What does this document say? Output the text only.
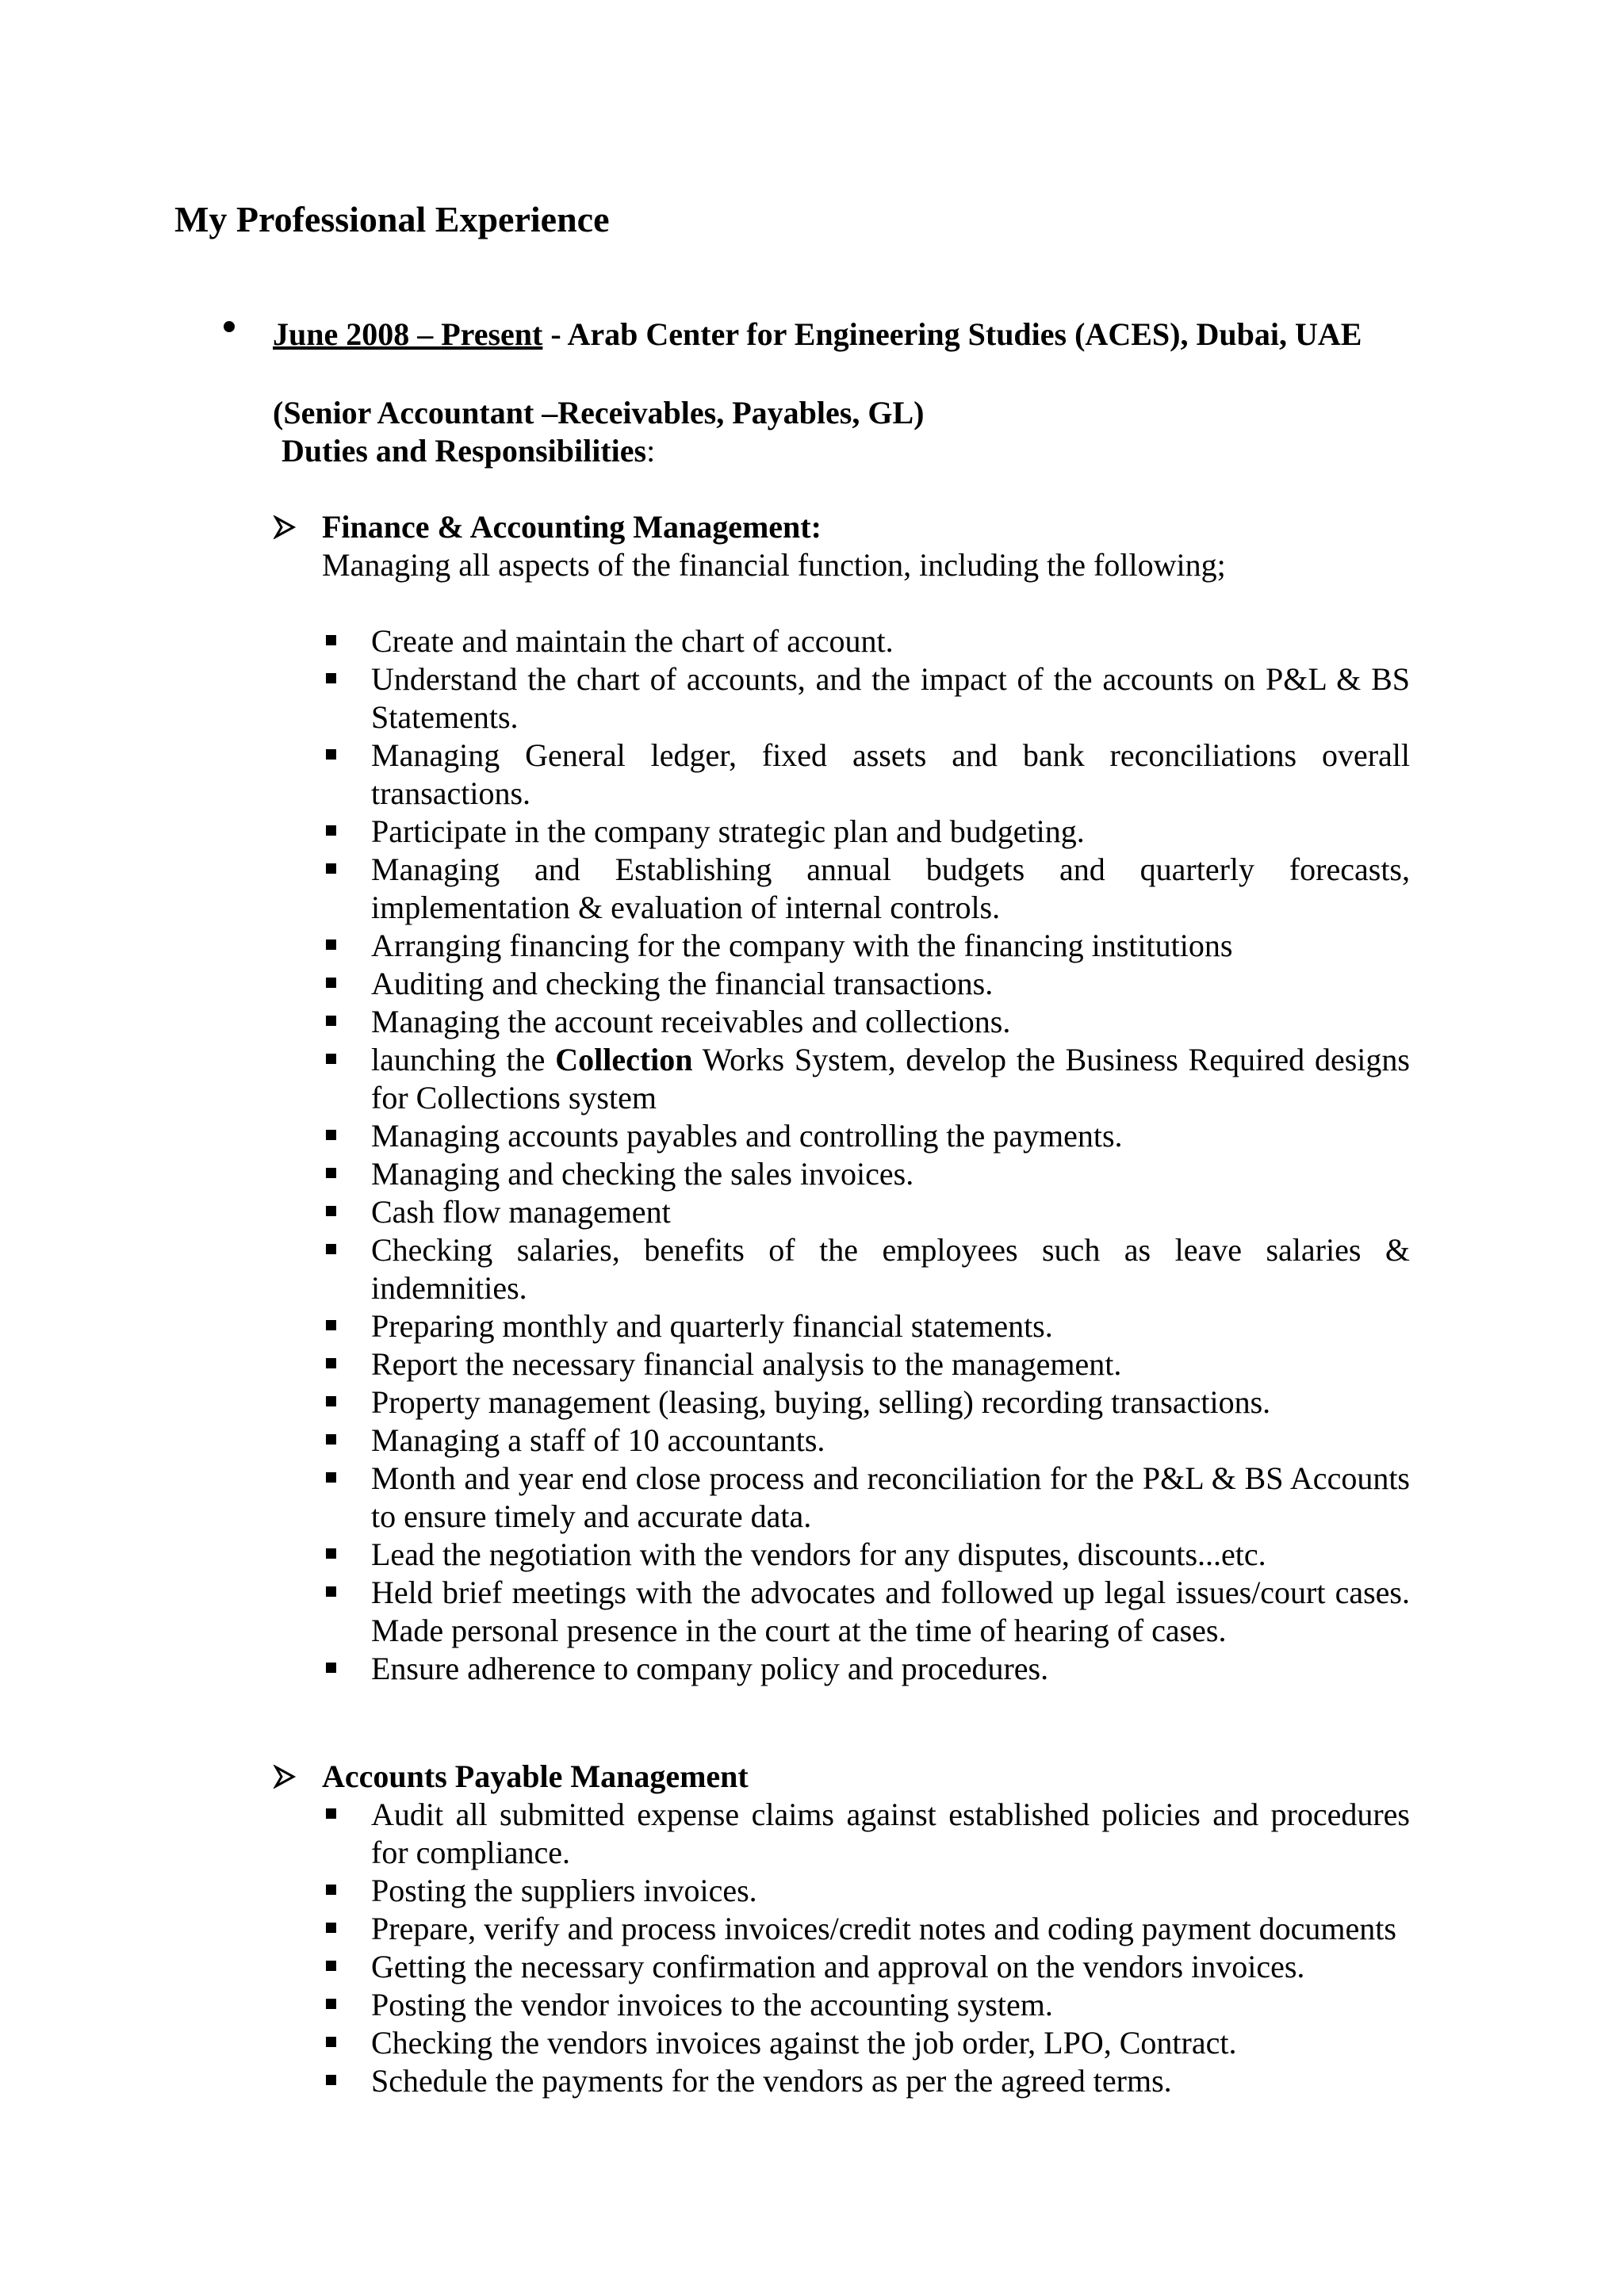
My Professional Experience
June 2008 – Present - Arab Center for Engineering Studies (ACES), Dubai, UAE
(Senior Accountant –Receivables, Payables, GL)
Duties and Responsibilities:
Finance & Accounting Management:
Managing all aspects of the financial function, including the following;
Create and maintain the chart of account.
Understand the chart of accounts, and the impact of the accounts on P&L & BS Statements.
Managing General ledger, fixed assets and bank reconciliations overall transactions.
Participate in the company strategic plan and budgeting.
Managing and Establishing annual budgets and quarterly forecasts, implementation & evaluation of internal controls.
Arranging financing for the company with the financing institutions
Auditing and checking the financial transactions.
Managing the account receivables and collections.
launching the Collection Works System, develop the Business Required designs for Collections system
Managing accounts payables and controlling the payments.
Managing and checking the sales invoices.
Cash flow management
Checking salaries, benefits of the employees such as leave salaries & indemnities.
Preparing monthly and quarterly financial statements.
Report the necessary financial analysis to the management.
Property management (leasing, buying, selling) recording transactions.
Managing a staff of 10 accountants.
Month and year end close process and reconciliation for the P&L & BS Accounts to ensure timely and accurate data.
Lead the negotiation with the vendors for any disputes, discounts...etc.
Held brief meetings with the advocates and followed up legal issues/court cases. Made personal presence in the court at the time of hearing of cases.
Ensure adherence to company policy and procedures.
Accounts Payable Management
Audit all submitted expense claims against established policies and procedures for compliance.
Posting the suppliers invoices.
Prepare, verify and process invoices/credit notes and coding payment documents
Getting the necessary confirmation and approval on the vendors invoices.
Posting the vendor invoices to the accounting system.
Checking the vendors invoices against the job order, LPO, Contract.
Schedule the payments for the vendors as per the agreed terms.
